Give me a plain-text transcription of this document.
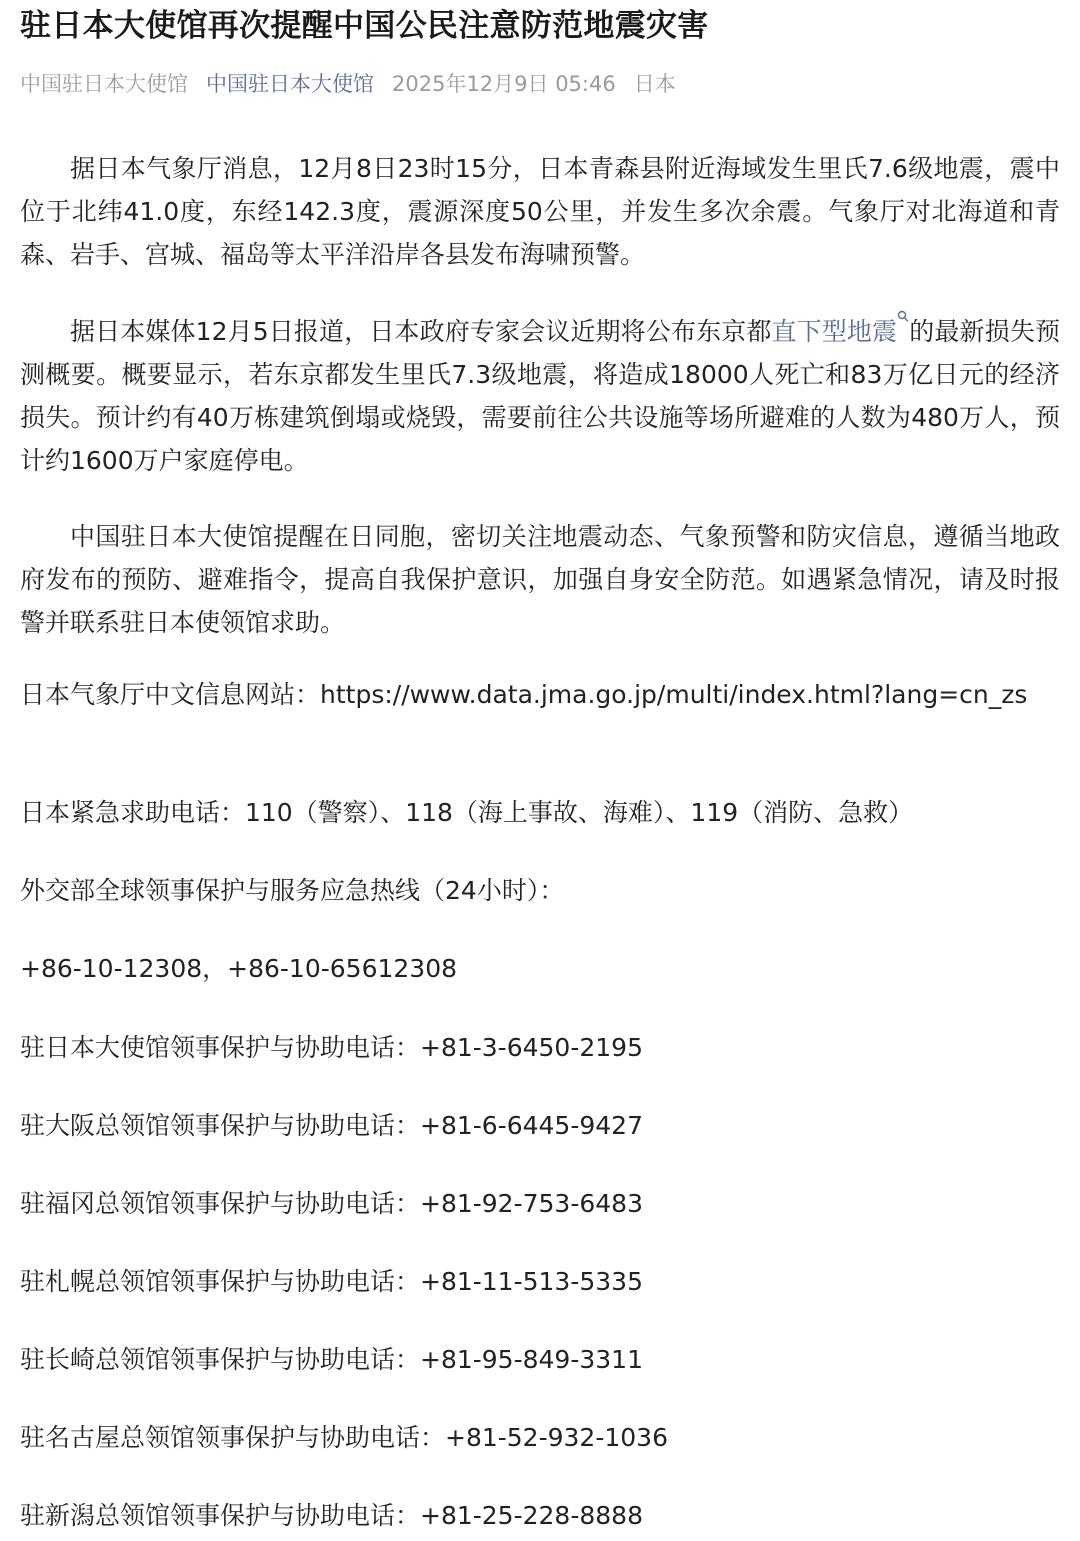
驻日本大使馆再次提醒中国公民注意防范地震灾害
中国驻日本大使馆 中国驻日本大使馆 2025年12月9日 05:46 日本

据日本气象厅消息，12月8日23时15分，日本青森县附近海域发生里氏7.6级地震，震中位于北纬41.0度，东经142.3度，震源深度50公里，并发生多次余震。气象厅对北海道和青森、岩手、宫城、福岛等太平洋沿岸各县发布海啸预警。

据日本媒体12月5日报道，日本政府专家会议近期将公布东京都直下型地震 的最新损失预测概要。概要显示，若东京都发生里氏7.3级地震，将造成18000人死亡和83万亿日元的经济损失。预计约有40万栋建筑倒塌或烧毁，需要前往公共设施等场所避难的人数为480万人，预计约1600万户家庭停电。

中国驻日本大使馆提醒在日同胞，密切关注地震动态、气象预警和防灾信息，遵循当地政府发布的预防、避难指令，提高自我保护意识，加强自身安全防范。如遇紧急情况，请及时报警并联系驻日本使领馆求助。

日本气象厅中文信息网站：https://www.data.jma.go.jp/multi/index.html?lang=cn_zs

日本紧急求助电话：110（警察）、118（海上事故、海难）、119（消防、急救）

外交部全球领事保护与服务应急热线（24小时）：

+86-10-12308，+86-10-65612308

驻日本大使馆领事保护与协助电话：+81-3-6450-2195

驻大阪总领馆领事保护与协助电话：+81-6-6445-9427

驻福冈总领馆领事保护与协助电话：+81-92-753-6483

驻札幌总领馆领事保护与协助电话：+81-11-513-5335

驻长崎总领馆领事保护与协助电话：+81-95-849-3311

驻名古屋总领馆领事保护与协助电话：+81-52-932-1036

驻新潟总领馆领事保护与协助电话：+81-25-228-8888
